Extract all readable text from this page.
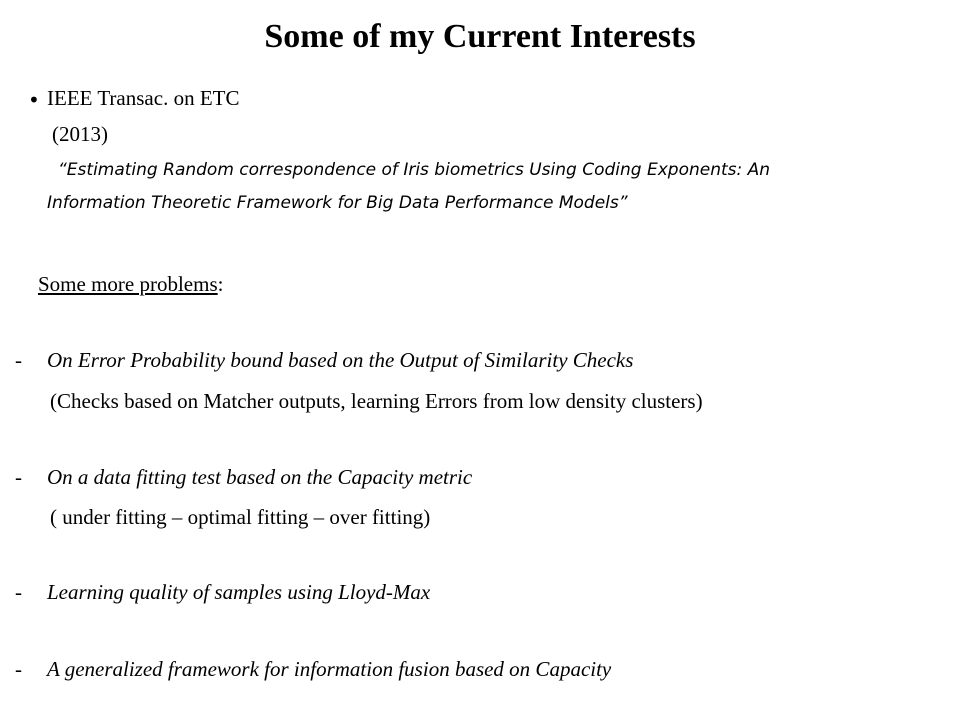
Some of my Current Interests
• IEEE Transac. on ETC
(2013)
“Estimating Random correspondence of Iris biometrics Using Coding Exponents: An
Information Theoretic Framework for Big Data Performance Models”
Some more problems:
- On Error Probability bound based on the Output of Similarity Checks
(Checks based on Matcher outputs, learning Errors from low density clusters)
- On a data fitting test based on the Capacity metric
( under fitting – optimal fitting – over fitting)
- Learning quality of samples using Lloyd-Max
- A generalized framework for information fusion based on Capacity
